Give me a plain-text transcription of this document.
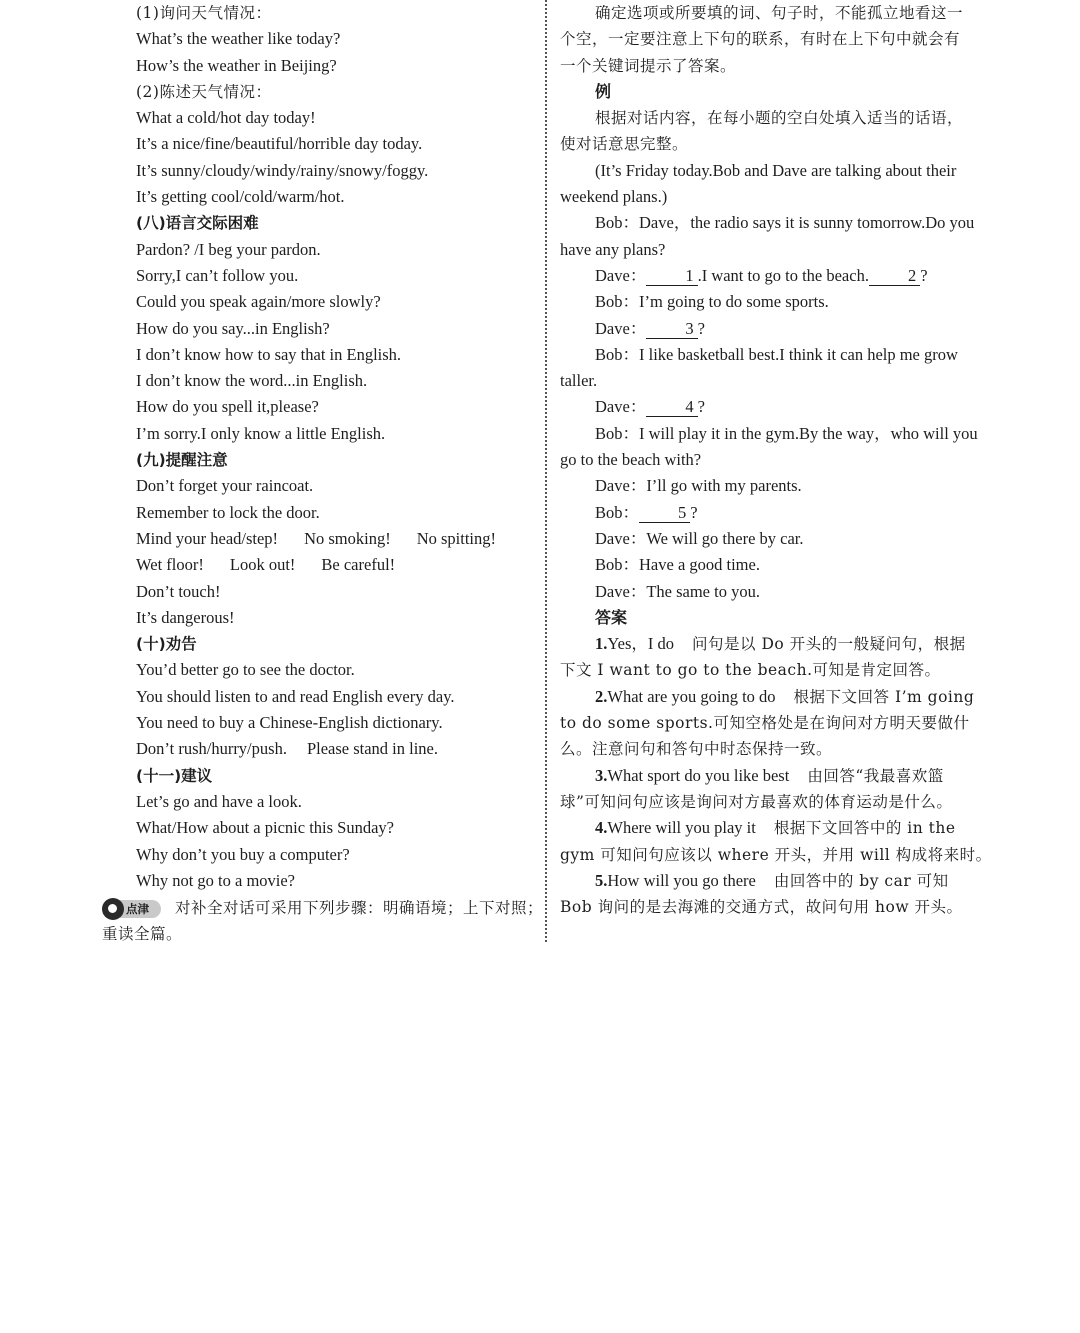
(1)询问天气情况：
What’s the weather like today?
How’s the weather in Beijing?
(2)陈述天气情况：
What a cold/hot day today!
It’s a nice/fine/beautiful/horrible day today.
It’s sunny/cloudy/windy/rainy/snowy/foggy.
It’s getting cool/cold/warm/hot.
(八)语言交际困难
Pardon? /I beg your pardon.
Sorry,I can’t follow you.
Could you speak again/more slowly?
How do you say...in English?
I don’t know how to say that in English.
I don’t know the word...in English.
How do you spell it,please?
I’m sorry.I only know a little English.
(九)提醒注意
Don’t forget your raincoat.
Remember to lock the door.
Mind your head/step! No smoking! No spitting!
Wet floor! Look out! Be careful!
Don’t touch!
It’s dangerous!
(十)劝告
You’d better go to see the doctor.
You should listen to and read English every day.
You need to buy a Chinese-English dictionary.
Don’t rush/hurry/push. Please stand in line.
(十一)建议
Let’s go and have a look.
What/How about a picnic this Sunday?
Why don’t you buy a computer?
Why not go to a movie?
点津	对补全对话可采用下列步骤：明确语境；上下对照；
重读全篇。
确定选项或所要填的词、句子时，不能孤立地看这一
个空，一定要注意上下句的联系，有时在上下句中就会有
一个关键词提示了答案。
例
根据对话内容，在每小题的空白处填入适当的话语，
使对话意思完整。
(It’s Friday today.Bob and Dave are talking about their
weekend plans.)
Bob：Dave，the radio says it is sunny tomorrow.Do you
have any plans?
Dave： 1 .I want to go to the beach. 2 ?
Bob：I’m going to do some sports.
Dave： 3 ?
Bob：I like basketball best.I think it can help me grow
taller.
Dave： 4 ?
Bob：I will play it in the gym.By the way，who will you
go to the beach with?
Dave：I’ll go with my parents.
Bob： 5 ?
Dave：We will go there by car.
Bob：Have a good time.
Dave：The same to you.
答案
1.Yes，I do 问句是以 Do 开头的一般疑问句，根据
下文 I want to go to the beach.可知是肯定回答。
2.What are you going to do 根据下文回答 I’m going
to do some sports.可知空格处是在询问对方明天要做什
么。注意问句和答句中时态保持一致。
3.What sport do you like best 由回答“我最喜欢篮
球”可知问句应该是询问对方最喜欢的体育运动是什么。
4.Where will you play it 根据下文回答中的 in the
gym 可知问句应该以 where 开头，并用 will 构成将来时。
5.How will you go there 由回答中的 by car 可知
Bob 询问的是去海滩的交通方式，故问句用 how 开头。
